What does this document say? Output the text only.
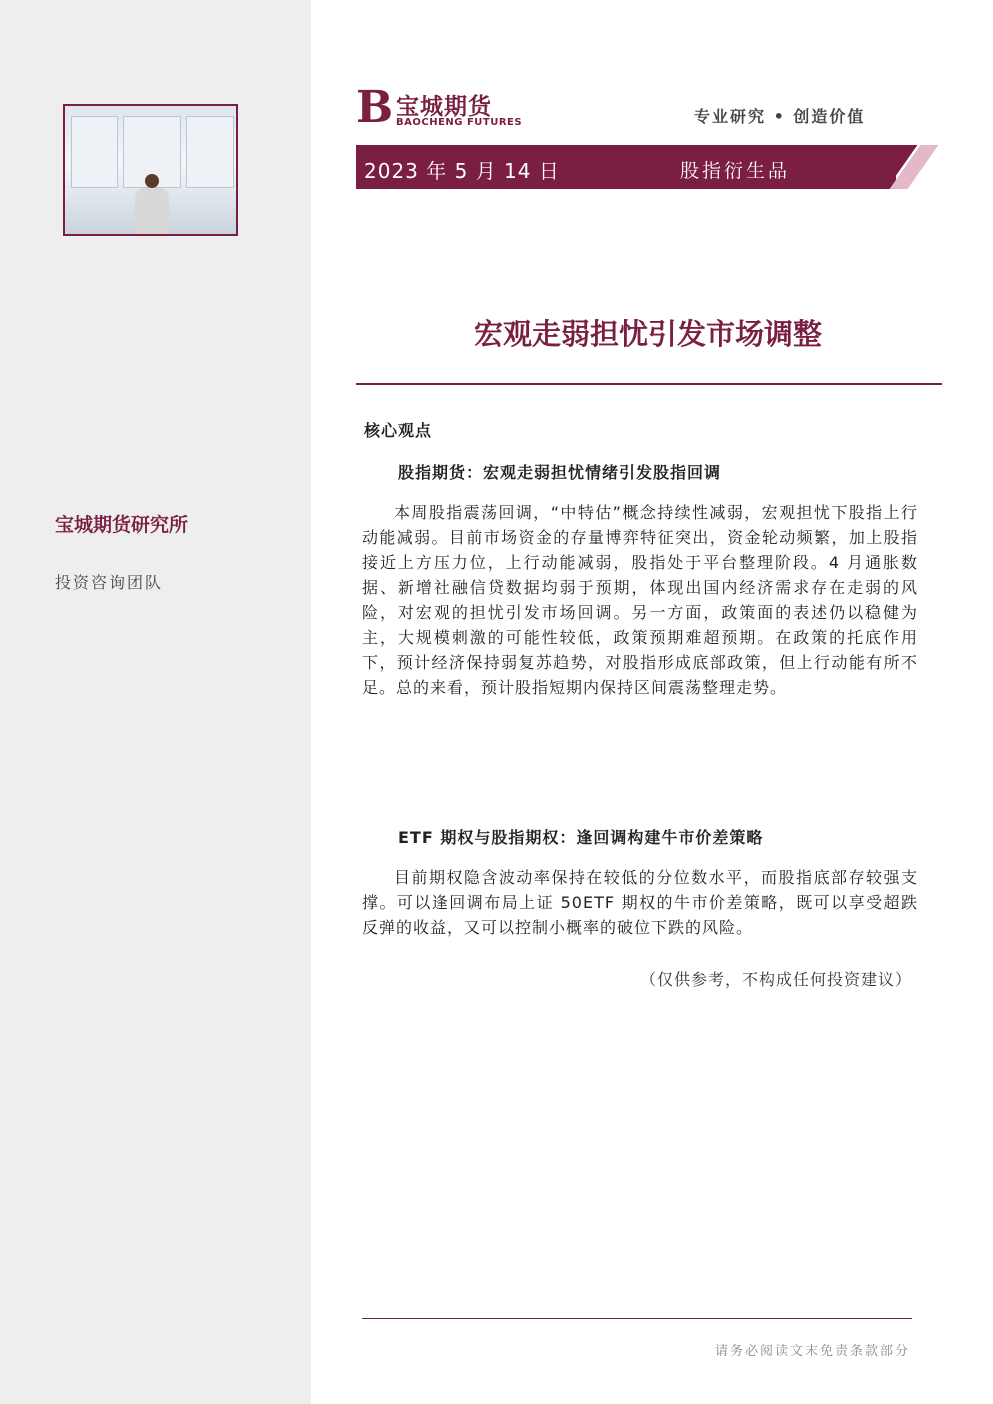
宝城期货研究所
投资咨询团队
B 宝城期货
BAOCHENG FUTURES	专业研究 • 创造价值
2023 年 5 月 14 日	股指衍生品
宏观走弱担忧引发市场调整
核心观点
股指期货：宏观走弱担忧情绪引发股指回调
本周股指震荡回调，“中特估”概念持续性减弱，宏观担忧下股指上行动能减弱。目前市场资金的存量博弈特征突出，资金轮动频繁，加上股指接近上方压力位，上行动能减弱，股指处于平台整理阶段。4 月通胀数据、新增社融信贷数据均弱于预期，体现出国内经济需求存在走弱的风险，对宏观的担忧引发市场回调。另一方面，政策面的表述仍以稳健为主，大规模刺激的可能性较低，政策预期难超预期。在政策的托底作用下，预计经济保持弱复苏趋势，对股指形成底部政策，但上行动能有所不足。总的来看，预计股指短期内保持区间震荡整理走势。
ETF 期权与股指期权：逢回调构建牛市价差策略
目前期权隐含波动率保持在较低的分位数水平，而股指底部存较强支撑。可以逢回调布局上证 50ETF 期权的牛市价差策略，既可以享受超跌反弹的收益，又可以控制小概率的破位下跌的风险。
（仅供参考，不构成任何投资建议）
请务必阅读文末免责条款部分
